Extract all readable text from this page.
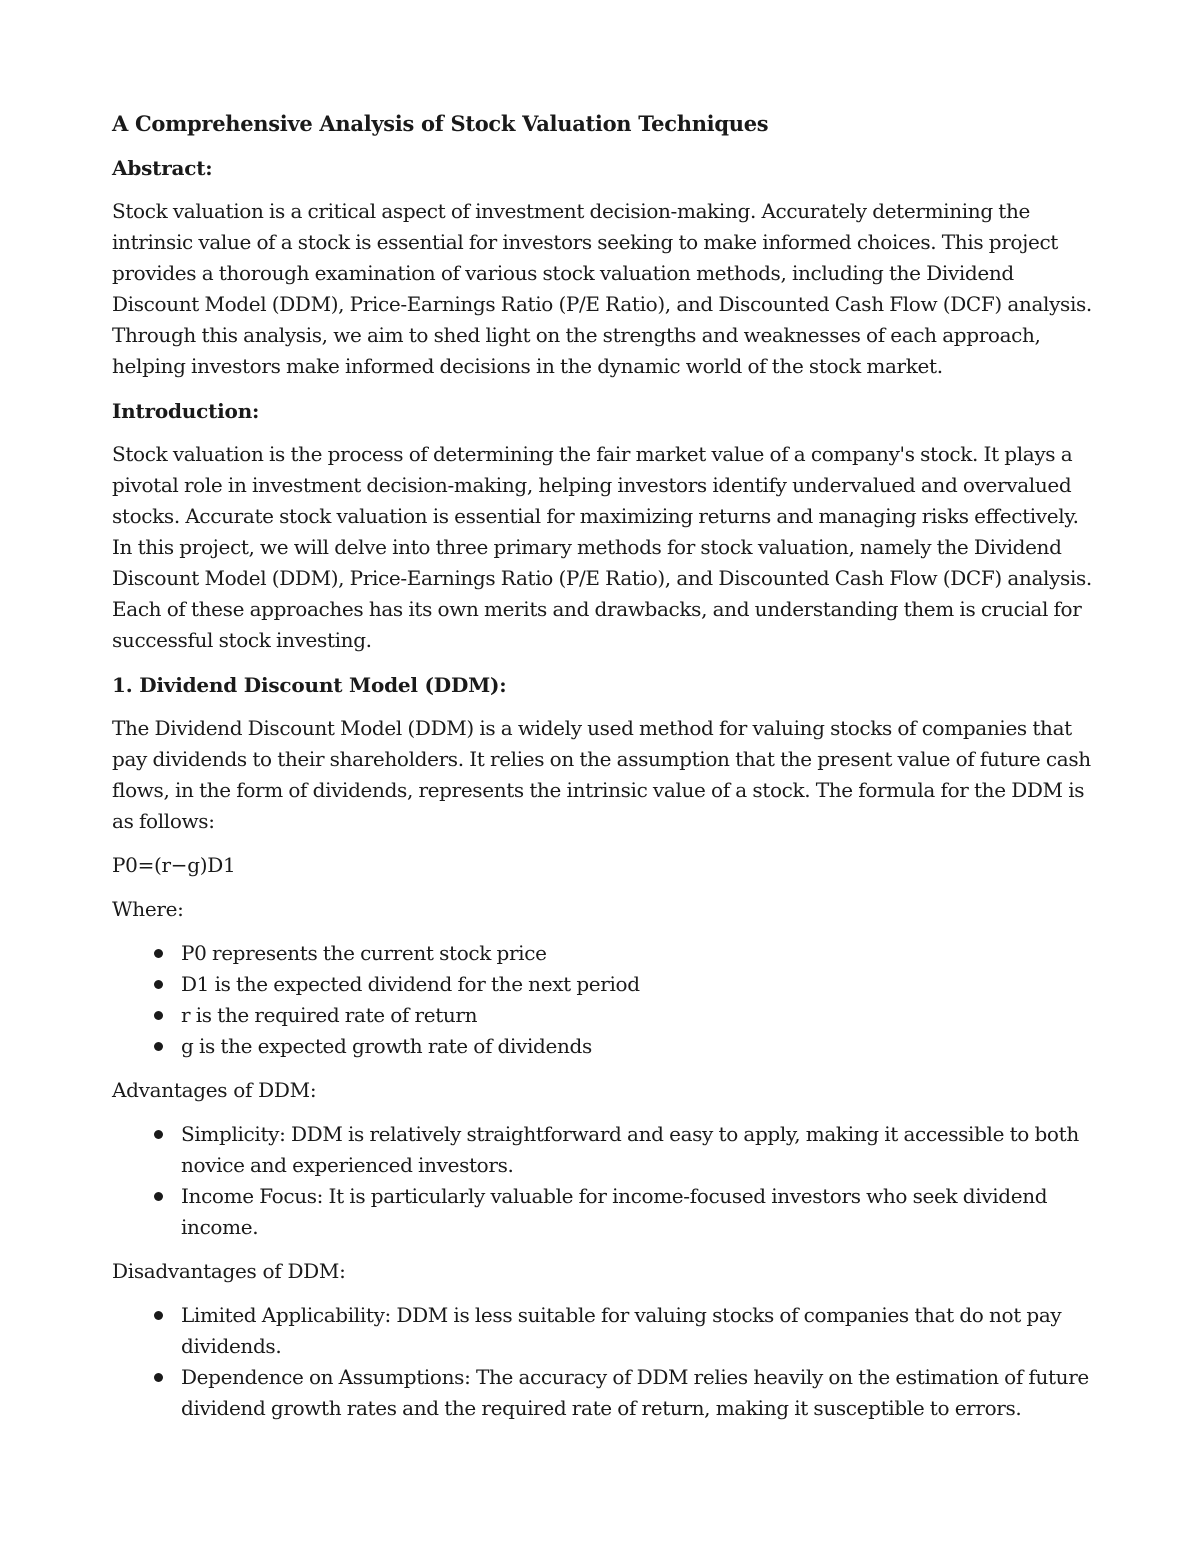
A Comprehensive Analysis of Stock Valuation Techniques
Abstract:

Stock valuation is a critical aspect of investment decision-making. Accurately determining the intrinsic value of a stock is essential for investors seeking to make informed choices. This project provides a thorough examination of various stock valuation methods, including the Dividend Discount Model (DDM), Price-Earnings Ratio (P/E Ratio), and Discounted Cash Flow (DCF) analysis. Through this analysis, we aim to shed light on the strengths and weaknesses of each approach, helping investors make informed decisions in the dynamic world of the stock market.

Introduction:

Stock valuation is the process of determining the fair market value of a company's stock. It plays a pivotal role in investment decision-making, helping investors identify undervalued and overvalued stocks. Accurate stock valuation is essential for maximizing returns and managing risks effectively. In this project, we will delve into three primary methods for stock valuation, namely the Dividend Discount Model (DDM), Price-Earnings Ratio (P/E Ratio), and Discounted Cash Flow (DCF) analysis. Each of these approaches has its own merits and drawbacks, and understanding them is crucial for successful stock investing.

1. Dividend Discount Model (DDM):

The Dividend Discount Model (DDM) is a widely used method for valuing stocks of companies that pay dividends to their shareholders. It relies on the assumption that the present value of future cash flows, in the form of dividends, represents the intrinsic value of a stock. The formula for the DDM is as follows:

P0=(r−g)D1

Where:

P0 represents the current stock price
D1 is the expected dividend for the next period
r is the required rate of return
g is the expected growth rate of dividends

Advantages of DDM:

Simplicity: DDM is relatively straightforward and easy to apply, making it accessible to both novice and experienced investors.
Income Focus: It is particularly valuable for income-focused investors who seek dividend income.

Disadvantages of DDM:

Limited Applicability: DDM is less suitable for valuing stocks of companies that do not pay dividends.
Dependence on Assumptions: The accuracy of DDM relies heavily on the estimation of future dividend growth rates and the required rate of return, making it susceptible to errors.
